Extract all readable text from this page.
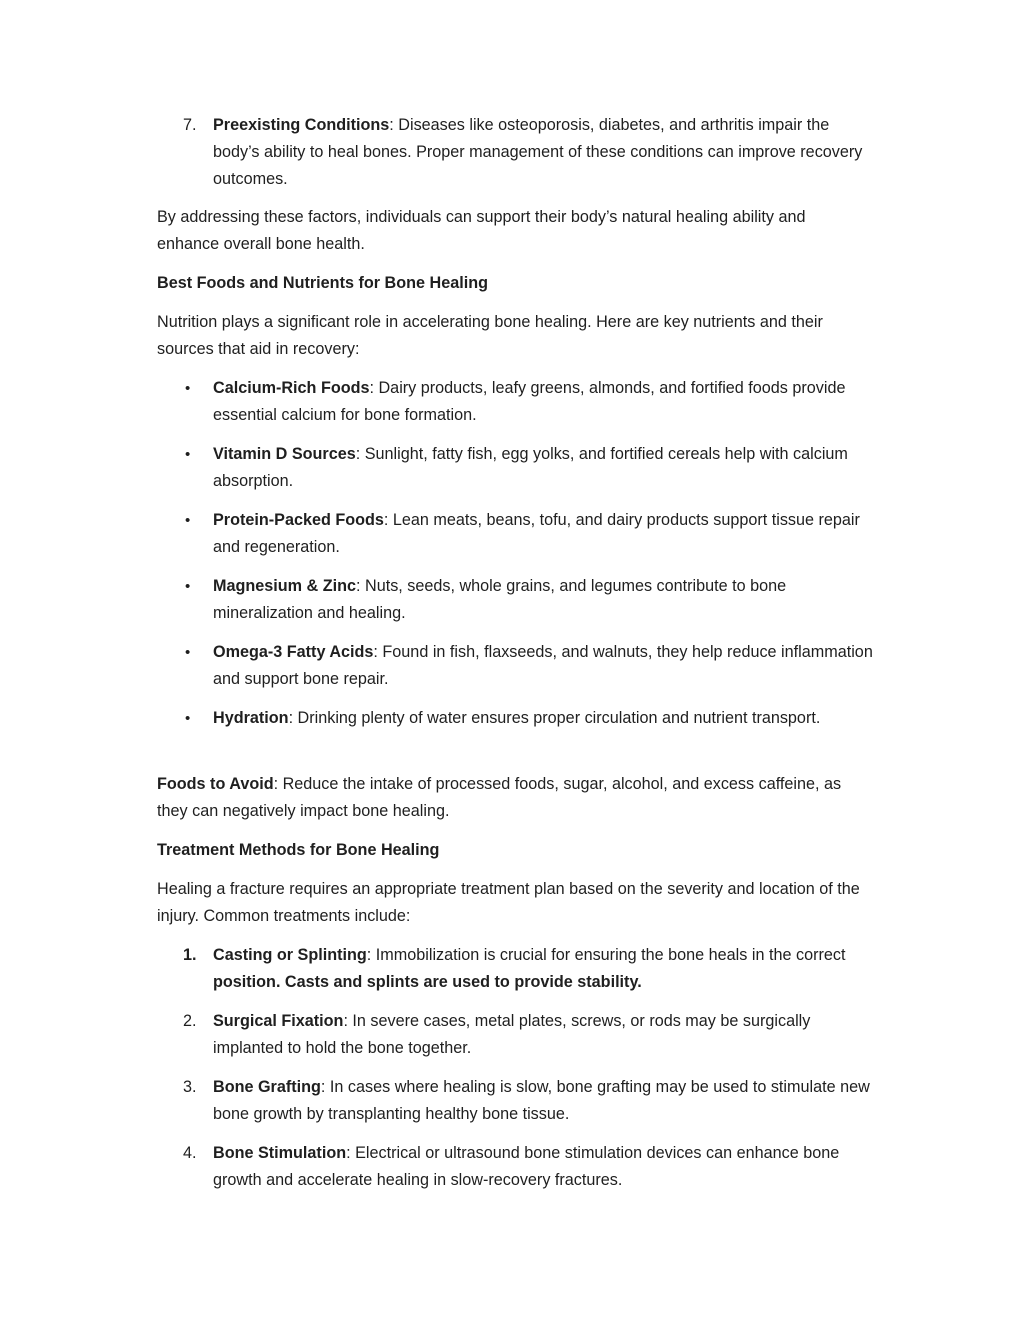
7. Preexisting Conditions: Diseases like osteoporosis, diabetes, and arthritis impair the body’s ability to heal bones. Proper management of these conditions can improve recovery outcomes.

By addressing these factors, individuals can support their body’s natural healing ability and enhance overall bone health.

Best Foods and Nutrients for Bone Healing

Nutrition plays a significant role in accelerating bone healing. Here are key nutrients and their sources that aid in recovery:

• Calcium-Rich Foods: Dairy products, leafy greens, almonds, and fortified foods provide essential calcium for bone formation.
• Vitamin D Sources: Sunlight, fatty fish, egg yolks, and fortified cereals help with calcium absorption.
• Protein-Packed Foods: Lean meats, beans, tofu, and dairy products support tissue repair and regeneration.
• Magnesium & Zinc: Nuts, seeds, whole grains, and legumes contribute to bone mineralization and healing.
• Omega-3 Fatty Acids: Found in fish, flaxseeds, and walnuts, they help reduce inflammation and support bone repair.
• Hydration: Drinking plenty of water ensures proper circulation and nutrient transport.

Foods to Avoid: Reduce the intake of processed foods, sugar, alcohol, and excess caffeine, as they can negatively impact bone healing.

Treatment Methods for Bone Healing

Healing a fracture requires an appropriate treatment plan based on the severity and location of the injury. Common treatments include:

1. Casting or Splinting: Immobilization is crucial for ensuring the bone heals in the correct position. Casts and splints are used to provide stability.
2. Surgical Fixation: In severe cases, metal plates, screws, or rods may be surgically implanted to hold the bone together.
3. Bone Grafting: In cases where healing is slow, bone grafting may be used to stimulate new bone growth by transplanting healthy bone tissue.
4. Bone Stimulation: Electrical or ultrasound bone stimulation devices can enhance bone growth and accelerate healing in slow-recovery fractures.
